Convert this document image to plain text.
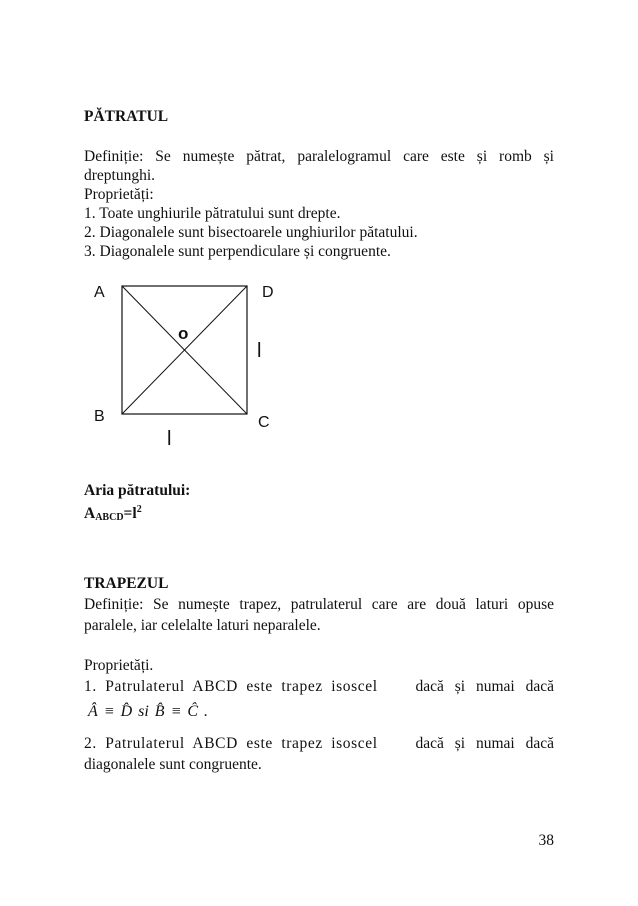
PĂTRATUL
Definiție: Se numește pătrat, paralelogramul care este și romb și
dreptunghi.
Proprietăți:
1. Toate unghiurile pătratului sunt drepte.
2. Diagonalele sunt bisectoarele unghiurilor pătatului.
3. Diagonalele sunt perpendiculare și congruente.
A	D
B	C
o
l
l
Aria pătratului:
$A_{ABCD}=l^2$
TRAPEZUL
Definiție: Se numește trapez, patrulaterul care are două laturi opuse
paralele, iar celelalte laturi neparalele.
Proprietăți.
1. Patrulaterul ABCD este trapez isoscel dacă și numai dacă
Â ≡ D̂ si B̂ ≡ Ĉ .
2. Patrulaterul ABCD este trapez isoscel dacă și numai dacă
diagonalele sunt congruente.
38
